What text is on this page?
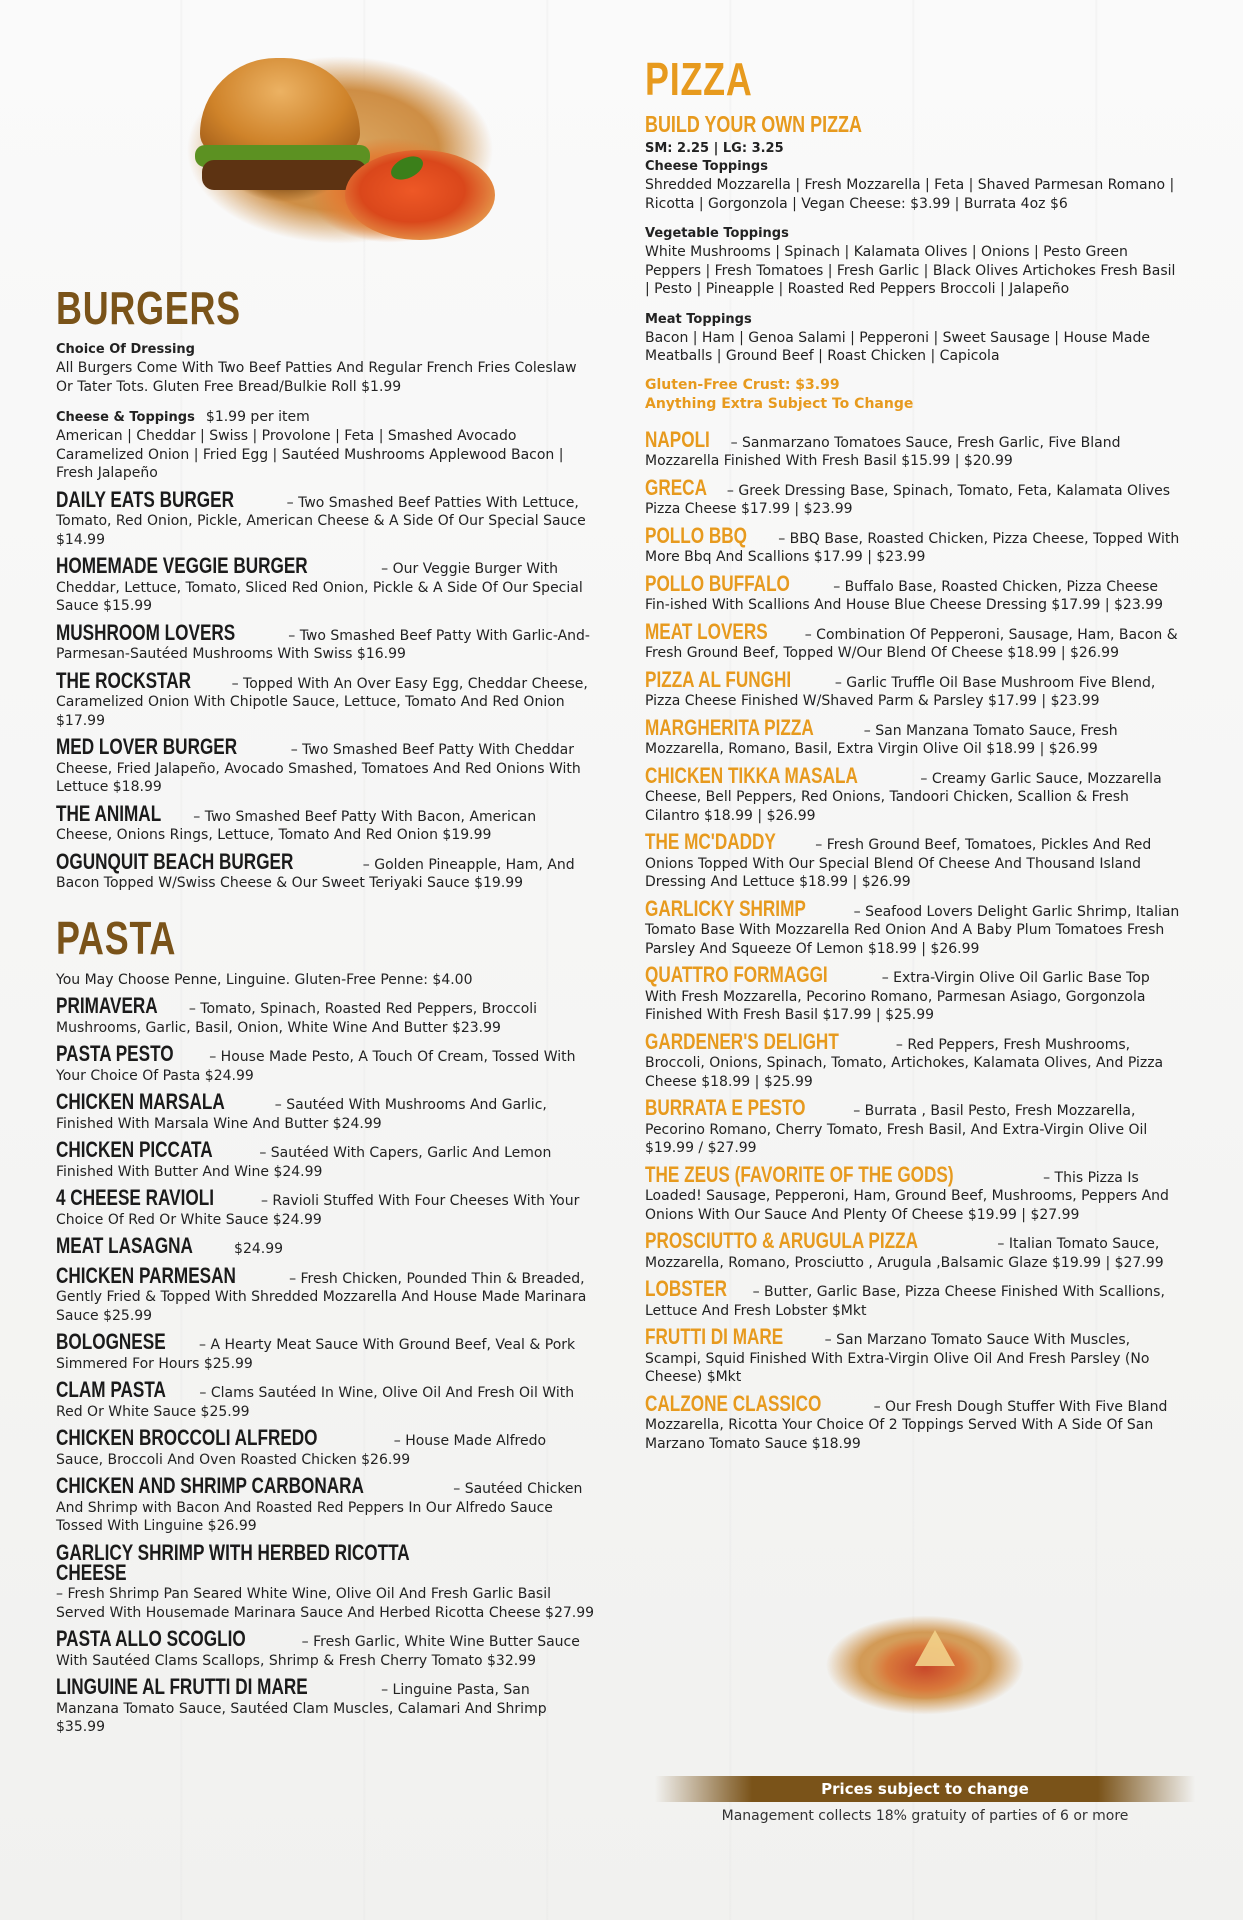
BURGERS
Choice Of Dressing
All Burgers Come With Two Beef Patties And Regular French Fries Coleslaw Or Tater Tots. Gluten Free Bread/Bulkie Roll $1.99
Cheese & Toppings $1.99 per item
American | Cheddar | Swiss | Provolone | Feta | Smashed Avocado Caramelized Onion | Fried Egg | Sautéed Mushrooms Applewood Bacon | Fresh Jalapeño
DAILY EATS BURGER	– Two Smashed Beef Patties With Lettuce, Tomato, Red Onion, Pickle, American Cheese & A Side Of Our Special Sauce $14.99
HOMEMADE VEGGIE BURGER	– Our Veggie Burger With Cheddar, Lettuce, Tomato, Sliced Red Onion, Pickle & A Side Of Our Special Sauce $15.99
MUSHROOM LOVERS	– Two Smashed Beef Patty With Garlic-And-Parmesan-Sautéed Mushrooms With Swiss $16.99
THE ROCKSTAR	– Topped With An Over Easy Egg, Cheddar Cheese, Caramelized Onion With Chipotle Sauce, Lettuce, Tomato And Red Onion $17.99
MED LOVER BURGER	– Two Smashed Beef Patty With Cheddar Cheese, Fried Jalapeño, Avocado Smashed, Tomatoes And Red Onions With Lettuce $18.99
THE ANIMAL – Two Smashed Beef Patty With Bacon, American Cheese, Onions Rings, Lettuce, Tomato And Red Onion $19.99
OGUNQUIT BEACH BURGER	– Golden Pineapple, Ham, And Bacon Topped W/Swiss Cheese & Our Sweet Teriyaki Sauce $19.99
PASTA
You May Choose Penne, Linguine. Gluten-Free Penne: $4.00
PRIMAVERA – Tomato, Spinach, Roasted Red Peppers, Broccoli Mushrooms, Garlic, Basil, Onion, White Wine And Butter $23.99
PASTA PESTO	– House Made Pesto, A Touch Of Cream, Tossed With Your Choice Of Pasta $24.99
CHICKEN MARSALA	– Sautéed With Mushrooms And Garlic, Finished With Marsala Wine And Butter $24.99
CHICKEN PICCATA	– Sautéed With Capers, Garlic And Lemon Finished With Butter And Wine $24.99
4 CHEESE RAVIOLI	– Ravioli Stuffed With Four Cheeses With Your Choice Of Red Or White Sauce $24.99
MEAT LASAGNA	$24.99
CHICKEN PARMESAN	– Fresh Chicken, Pounded Thin & Breaded, Gently Fried & Topped With Shredded Mozzarella And House Made Marinara Sauce $25.99
BOLOGNESE – A Hearty Meat Sauce With Ground Beef, Veal & Pork Simmered For Hours $25.99
CLAM PASTA – Clams Sautéed In Wine, Olive Oil And Fresh Oil With Red Or White Sauce $25.99
CHICKEN BROCCOLI ALFREDO	– House Made Alfredo Sauce, Broccoli And Oven Roasted Chicken $26.99
CHICKEN AND SHRIMP CARBONARA	– Sautéed Chicken And Shrimp with Bacon And Roasted Red Peppers In Our Alfredo Sauce Tossed With Linguine $26.99
GARLICY SHRIMP WITH HERBED RICOTTA CHEESE – Fresh Shrimp Pan Seared White Wine, Olive Oil And Fresh Garlic Basil Served With Housemade Marinara Sauce And Herbed Ricotta Cheese $27.99
PASTA ALLO SCOGLIO	– Fresh Garlic, White Wine Butter Sauce With Sautéed Clams Scallops, Shrimp & Fresh Cherry Tomato $32.99
LINGUINE AL FRUTTI DI MARE	– Linguine Pasta, San Manzana Tomato Sauce, Sautéed Clam Muscles, Calamari And Shrimp $35.99
PIZZA
BUILD YOUR OWN PIZZA
SM: 2.25 | LG: 3.25
Cheese Toppings
Shredded Mozzarella | Fresh Mozzarella | Feta | Shaved Parmesan Romano | Ricotta | Gorgonzola | Vegan Cheese: $3.99 | Burrata 4oz $6
Vegetable Toppings
White Mushrooms | Spinach | Kalamata Olives | Onions | Pesto Green Peppers | Fresh Tomatoes | Fresh Garlic | Black Olives Artichokes Fresh Basil | Pesto | Pineapple | Roasted Red Peppers Broccoli | Jalapeño
Meat Toppings
Bacon | Ham | Genoa Salami | Pepperoni | Sweet Sausage | House Made Meatballs | Ground Beef | Roast Chicken | Capicola
Gluten-Free Crust: $3.99
Anything Extra Subject To Change
NAPOLI – Sanmarzano Tomatoes Sauce, Fresh Garlic, Five Bland Mozzarella Finished With Fresh Basil $15.99 | $20.99
GRECA – Greek Dressing Base, Spinach, Tomato, Feta, Kalamata Olives Pizza Cheese $17.99 | $23.99
POLLO BBQ – BBQ Base, Roasted Chicken, Pizza Cheese, Topped With More Bbq And Scallions $17.99 | $23.99
POLLO BUFFALO	– Buffalo Base, Roasted Chicken, Pizza Cheese Fin-ished With Scallions And House Blue Cheese Dressing $17.99 | $23.99
MEAT LOVERS	– Combination Of Pepperoni, Sausage, Ham, Bacon & Fresh Ground Beef, Topped W/Our Blend Of Cheese $18.99 | $26.99
PIZZA AL FUNGHI	– Garlic Truffle Oil Base Mushroom Five Blend, Pizza Cheese Finished W/Shaved Parm & Parsley $17.99 | $23.99
MARGHERITA PIZZA	– San Manzana Tomato Sauce, Fresh Mozzarella, Romano, Basil, Extra Virgin Olive Oil $18.99 | $26.99
CHICKEN TIKKA MASALA	– Creamy Garlic Sauce, Mozzarella Cheese, Bell Peppers, Red Onions, Tandoori Chicken, Scallion & Fresh Cilantro $18.99 | $26.99
THE MC'DADDY	– Fresh Ground Beef, Tomatoes, Pickles And Red Onions Topped With Our Special Blend Of Cheese And Thousand Island Dressing And Lettuce $18.99 | $26.99
GARLICKY SHRIMP	– Seafood Lovers Delight Garlic Shrimp, Italian Tomato Base With Mozzarella Red Onion And A Baby Plum Tomatoes Fresh Parsley And Squeeze Of Lemon $18.99 | $26.99
QUATTRO FORMAGGI	– Extra-Virgin Olive Oil Garlic Base Top With Fresh Mozzarella, Pecorino Romano, Parmesan Asiago, Gorgonzola Finished With Fresh Basil $17.99 | $25.99
GARDENER'S DELIGHT	– Red Peppers, Fresh Mushrooms, Broccoli, Onions, Spinach, Tomato, Artichokes, Kalamata Olives, And Pizza Cheese $18.99 | $25.99
BURRATA E PESTO	– Burrata , Basil Pesto, Fresh Mozzarella, Pecorino Romano, Cherry Tomato, Fresh Basil, And Extra-Virgin Olive Oil $19.99 / $27.99
THE ZEUS (FAVORITE OF THE GODS)	– This Pizza Is Loaded! Sausage, Pepperoni, Ham, Ground Beef, Mushrooms, Peppers And Onions With Our Sauce And Plenty Of Cheese $19.99 | $27.99
PROSCIUTTO & ARUGULA PIZZA	– Italian Tomato Sauce, Mozzarella, Romano, Prosciutto , Arugula ,Balsamic Glaze $19.99 | $27.99
LOBSTER – Butter, Garlic Base, Pizza Cheese Finished With Scallions, Lettuce And Fresh Lobster $Mkt
FRUTTI DI MARE	– San Marzano Tomato Sauce With Muscles, Scampi, Squid Finished With Extra-Virgin Olive Oil And Fresh Parsley (No Cheese) $Mkt
CALZONE CLASSICO	– Our Fresh Dough Stuffer With Five Bland Mozzarella, Ricotta Your Choice Of 2 Toppings Served With A Side Of San Marzano Tomato Sauce $18.99
Prices subject to change
Management collects 18% gratuity of parties of 6 or more
